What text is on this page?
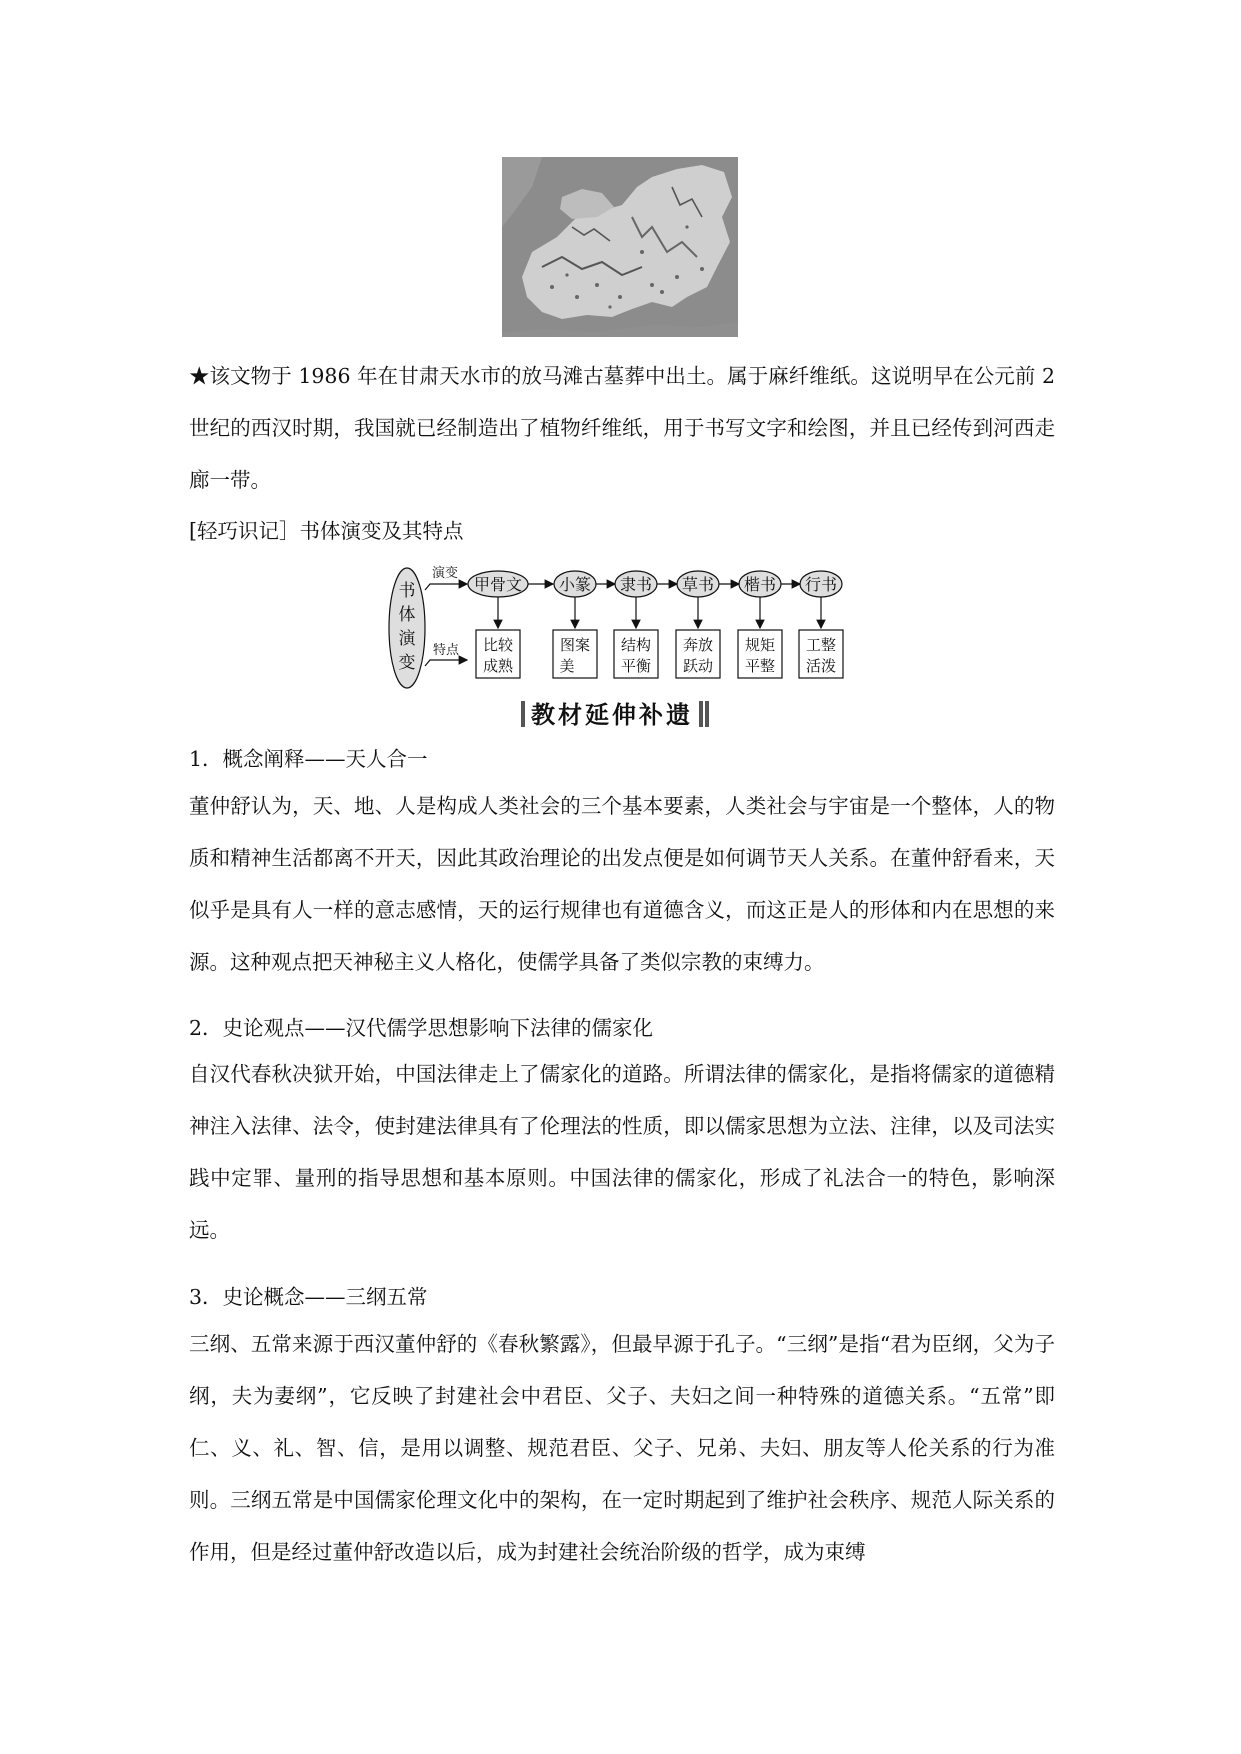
★该文物于 1986 年在甘肃天水市的放马滩古墓葬中出土。属于麻纤维纸。这说明早在公元前 2 世纪的西汉时期，我国就已经制造出了植物纤维纸，用于书写文字和绘图，并且已经传到河西走廊一带。

[轻巧识记］书体演变及其特点

书
体
演
变
演变
特点
甲骨文 小篆 隶书 草书 楷书 行书
比较
成熟
图案
美
结构
平衡
奔放
跃动
规矩
平整
工整
活泼
教材延伸补遗

1．概念阐释——天人合一

董仲舒认为，天、地、人是构成人类社会的三个基本要素，人类社会与宇宙是一个整体，人的物质和精神生活都离不开天，因此其政治理论的出发点便是如何调节天人关系。在董仲舒看来，天似乎是具有人一样的意志感情，天的运行规律也有道德含义，而这正是人的形体和内在思想的来源。这种观点把天神秘主义人格化，使儒学具备了类似宗教的束缚力。

2．史论观点——汉代儒学思想影响下法律的儒家化

自汉代春秋决狱开始，中国法律走上了儒家化的道路。所谓法律的儒家化，是指将儒家的道德精神注入法律、法令，使封建法律具有了伦理法的性质，即以儒家思想为立法、注律，以及司法实践中定罪、量刑的指导思想和基本原则。中国法律的儒家化，形成了礼法合一的特色，影响深远。

3．史论概念——三纲五常

三纲、五常来源于西汉董仲舒的《春秋繁露》，但最早源于孔子。“三纲”是指“君为臣纲，父为子纲，夫为妻纲”，它反映了封建社会中君臣、父子、夫妇之间一种特殊的道德关系。“五常”即仁、义、礼、智、信，是用以调整、规范君臣、父子、兄弟、夫妇、朋友等人伦关系的行为准则。三纲五常是中国儒家伦理文化中的架构，在一定时期起到了维护社会秩序、规范人际关系的作用，但是经过董仲舒改造以后，成为封建社会统治阶级的哲学，成为束缚
